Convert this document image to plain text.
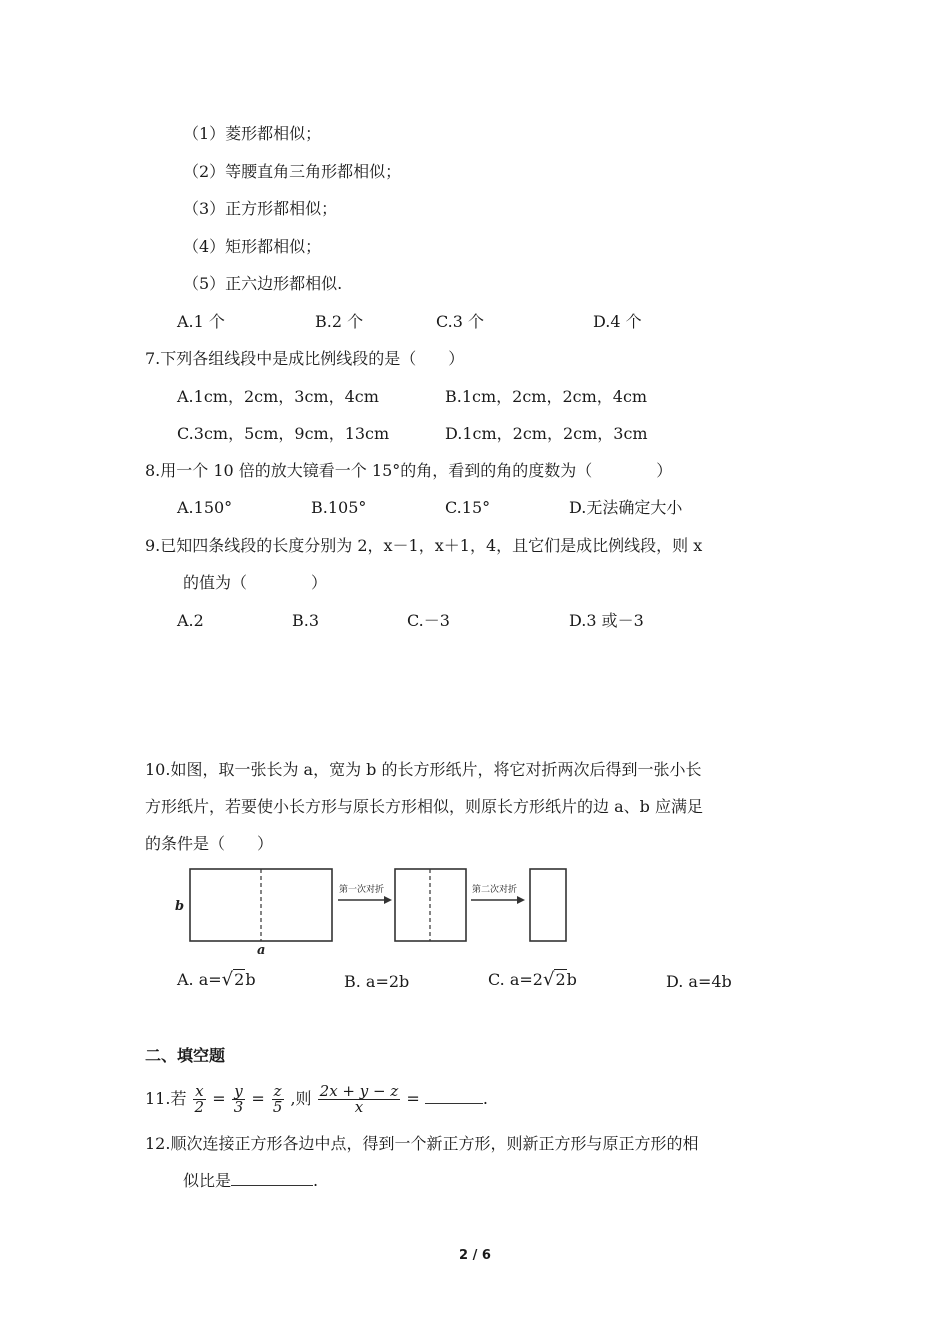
（1）菱形都相似；
（2）等腰直角三角形都相似；
（3）正方形都相似；
（4）矩形都相似；
（5）正六边形都相似.
A.1 个	B.2 个	C.3 个	D.4 个
7.下列各组线段中是成比例线段的是（　　）
A.1cm，2cm，3cm，4cm	B.1cm，2cm，2cm，4cm
C.3cm，5cm，9cm，13cm	D.1cm，2cm，2cm，3cm
8.用一个 10 倍的放大镜看一个 15°的角，看到的角的度数为（　　　　）
A.150°	B.105°	C.15°	D.无法确定大小
9.已知四条线段的长度分别为 2，x－1，x＋1，4，且它们是成比例线段，则 x
的值为（　　　　）
A.2	B.3	C.－3	D.3 或－3
10.如图，取一张长为 a，宽为 b 的长方形纸片，将它对折两次后得到一张小长
方形纸片，若要使小长方形与原长方形相似，则原长方形纸片的边 a、b 应满足
的条件是（　　）
b
a
第一次对折	第二次对折
A. a=√2b	B. a=2b	C. a=2√2b	D. a=4b
二、填空题
11.若 $\frac{x}{2} = \frac{y}{3} = \frac{z}{5}$ ,则 $\frac{2x + y - z}{x}$ =	.
12.顺次连接正方形各边中点，得到一个新正方形，则新正方形与原正方形的相
似比是	.
2 / 6
